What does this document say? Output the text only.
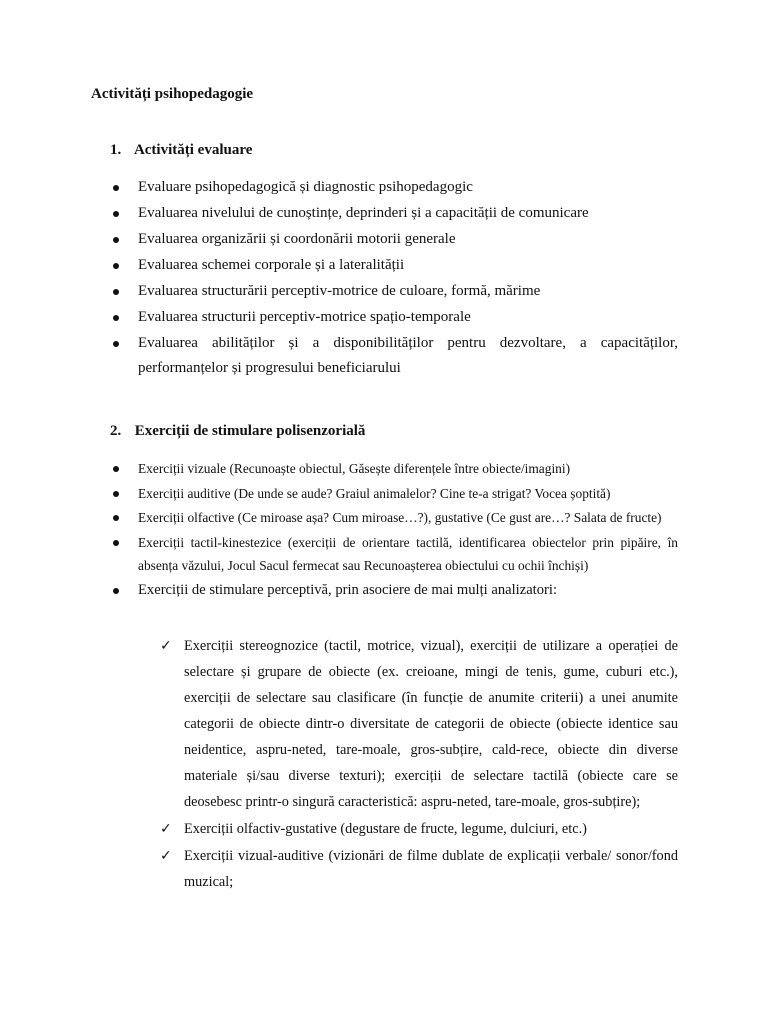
Activități psihopedagogie
1. Activități evaluare
Evaluare psihopedagogică și diagnostic psihopedagogic
Evaluarea nivelului de cunoștințe, deprinderi și a capacității de comunicare
Evaluarea organizării și coordonării motorii generale
Evaluarea schemei corporale și a lateralității
Evaluarea structurării perceptiv-motrice de culoare, formă, mărime
Evaluarea structurii perceptiv-motrice spațio-temporale
Evaluarea abilităților și a disponibilităților pentru dezvoltare, a capacităților, performanțelor și progresului beneficiarului
2. Exerciții de stimulare polisenzorială
Exerciții vizuale (Recunoaște obiectul, Găsește diferențele între obiecte/imagini)
Exerciții auditive (De unde se aude? Graiul animalelor? Cine te-a strigat? Vocea șoptită)
Exerciții olfactive (Ce miroase așa? Cum miroase…?), gustative (Ce gust are…? Salata de fructe)
Exerciții tactil-kinestezice (exerciții de orientare tactilă, identificarea obiectelor prin pipăire, în absența văzului, Jocul Sacul fermecat sau Recunoașterea obiectului cu ochii închiși)
Exerciții de stimulare perceptivă, prin asociere de mai mulți analizatori:
✓ Exerciții stereognozice (tactil, motrice, vizual), exerciții de utilizare a operației de selectare și grupare de obiecte (ex. creioane, mingi de tenis, gume, cuburi etc.), exerciții de selectare sau clasificare (în funcție de anumite criterii) a unei anumite categorii de obiecte dintr-o diversitate de categorii de obiecte (obiecte identice sau neidentice, aspru-neted, tare-moale, gros-subțire, cald-rece, obiecte din diverse materiale și/sau diverse texturi); exerciții de selectare tactilă (obiecte care se deosebesc printr-o singură caracteristică: aspru-neted, tare-moale, gros-subțire);
✓ Exerciții olfactiv-gustative (degustare de fructe, legume, dulciuri, etc.)
✓ Exerciții vizual-auditive (vizionări de filme dublate de explicații verbale/ sonor/fond muzical;
